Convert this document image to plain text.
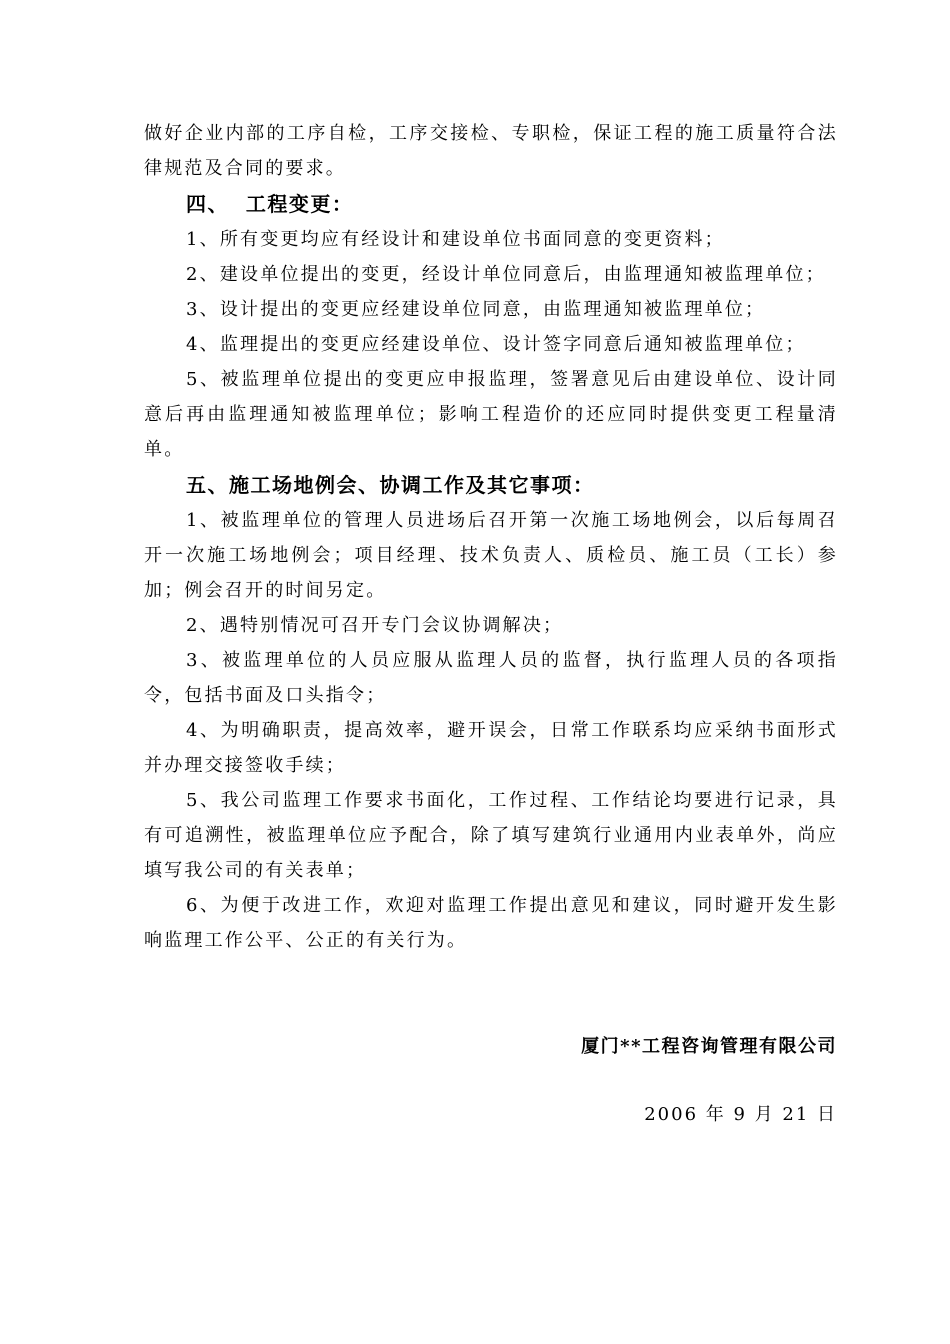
做好企业内部的工序自检，工序交接检、专职检，保证工程的施工质量符合法律规范及合同的要求。

四、  工程变更：

1、所有变更均应有经设计和建设单位书面同意的变更资料；

2、建设单位提出的变更，经设计单位同意后，由监理通知被监理单位；

3、设计提出的变更应经建设单位同意，由监理通知被监理单位；

4、监理提出的变更应经建设单位、设计签字同意后通知被监理单位；

5、被监理单位提出的变更应申报监理，签署意见后由建设单位、设计同意后再由监理通知被监理单位；影响工程造价的还应同时提供变更工程量清单。

五、施工场地例会、协调工作及其它事项：

1、被监理单位的管理人员进场后召开第一次施工场地例会，以后每周召开一次施工场地例会；项目经理、技术负责人、质检员、施工员（工长）参加；例会召开的时间另定。

2、遇特别情况可召开专门会议协调解决；

3、被监理单位的人员应服从监理人员的监督，执行监理人员的各项指令，包括书面及口头指令；

4、为明确职责，提高效率，避开误会，日常工作联系均应采纳书面形式并办理交接签收手续；

5、我公司监理工作要求书面化，工作过程、工作结论均要进行记录，具有可追溯性，被监理单位应予配合，除了填写建筑行业通用内业表单外，尚应填写我公司的有关表单；

6、为便于改进工作，欢迎对监理工作提出意见和建议，同时避开发生影响监理工作公平、公正的有关行为。

厦门**工程咨询管理有限公司
2006 年 9 月 21 日
